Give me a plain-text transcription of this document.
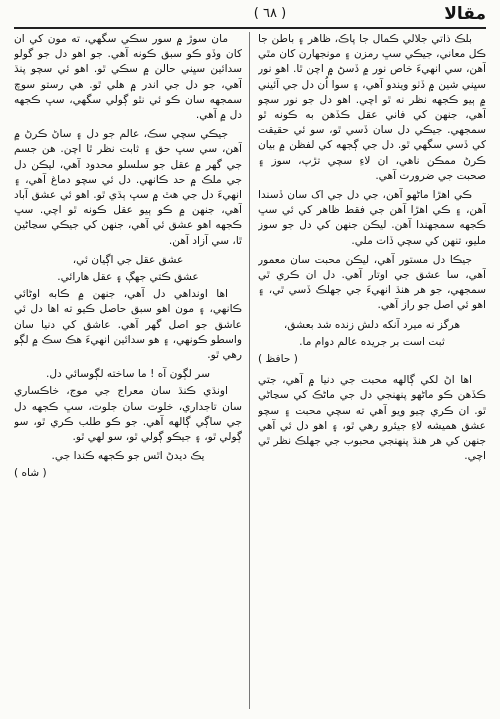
( ٦٨ )	مقالا

بلڪ ذاتي جلالي ڪمال جا پاڪ، ظاهر ۽ باطن جا ڪل معاني، جيڪي سڀ رمزن ۽ مونجهارن کان مٿي آهن، سي انهيءَ خاص نور ۾ ڏسڻ ۾ اچن ٿا. اهو نور سڀني شين ۾ ڏٺو ويندو آهي، ۽ سوا اُن دل جي آئيني ۾ ٻيو ڪجهه نظر نه ٿو اچي. اهو دل جو نور سچو آهي، جنهن کي فاني عقل ڪڏهن به ڪونه ٿو سمجهي. جيڪي دل سان ڏسي ٿو، سو ئي حقيقت کي ڏسي سگهي ٿو. دل جي ڳجهه کي لفظن ۾ بيان ڪرڻ ممڪن ناهي، ان لاءِ سچي تڙپ، سوز ۽ صحبت جي ضرورت آهي.

ڪي اهڙا ماڻهو آهن، جي دل جي اک سان ڏسندا آهن، ۽ ڪي اهڙا آهن جي فقط ظاهر کي ئي سڀ ڪجهه سمجهندا آهن. ليڪن جنهن کي دل جو سوز مليو، تنهن کي سچي ڏات ملي.

جيڪا دل مستور آهي، ليڪن محبت سان معمور آهي، سا عشق جي اوتار آهي. دل ان ڪري ٿي سمجهي، جو هر هنڌ انهيءَ جي جهلڪ ڏسي ٿي، ۽ اهو ئي اصل جو راز آهي.

هرگز نه ميرد آنکه دلش زنده شد بعشق،

ثبت است بر جريده عالم دوام ما.

( حافظ )

اها اڻ لکي ڳالهه محبت جي دنيا ۾ آهي، جتي ڪڏهن ڪو ماڻهو پنهنجي دل جي ماڻڪ کي سڃاڻي ٿو. ان ڪري چيو ويو آهي ته سچي محبت ۽ سچو عشق هميشه لاءِ جيئرو رهي ٿو، ۽ اهو دل ئي آهي جنهن کي هر هنڌ پنهنجي محبوب جي جهلڪ نظر ٿي اچي.

مان سوڙ ۾ سور سڪي سگهي، ته مون کي ان کان وڏو ڪو سبق ڪونه آهي. جو اهو دل جو گولو سدائين سڀني حالن ۾ سڪي ٿو. اهو ئي سچو پنڌ آهي، جو دل جي اندر ۾ هلي ٿو. هي رستو سوچ سمجهه سان ڪو ئي نٿو ڳولي سگهي، سڀ ڪجهه دل ۾ آهي.

جيڪي سچي سڪ، عالم جو دل ۽ ساڻ ڪرڻ ۾ آهن، سي سڀ حق ۽ ثابت نظر ٿا اچن. هن جسم جي گهر ۾ عقل جو سلسلو محدود آهي، ليڪن دل جي ملڪ ۾ حد ڪانهي. دل ئي سچو دماغ آهي، ۽ انهيءَ دل جي هٿ ۾ سڀ ٻڌي ٿو. اهو ئي عشق آباد آهي، جنهن ۾ ڪو ٻيو عقل ڪونه ٿو اچي. سڀ ڪجهه اهو عشق ئي آهي، جنهن کي جيڪي سڃاڻين ٿا، سي آزاد آهن.

عشق عقل جي اڳيان ئي،

عشق ڪتي جهڳ ۽ عقل هارائي.

اها اونداهي دل آهي، جنهن ۾ ڪابه اوڻائي ڪانهي، ۽ مون اهو سبق حاصل ڪيو ته اها دل ئي عاشق جو اصل گهر آهي. عاشق کي دنيا سان واسطو ڪونهي، ۽ هو سدائين انهيءَ هڪ سڪ ۾ لڳو رهي ٿو.

سر لڳون آه ! ما ساخته لڳوسائي دل.

اونڌي ڪنڌ سان معراج جي موج، خاڪساري سان تاجداري، خلوت سان جلوت، سڀ ڪجهه دل جي ساڳي ڳالهه آهي. جو ڪو طلب ڪري ٿو، سو ڳولي ٿو، ۽ جيڪو ڳولي ٿو، سو لهي ٿو.

يڪ ديدڻ اٿس جو ڪجهه ڪندا جي.

( شاه )
